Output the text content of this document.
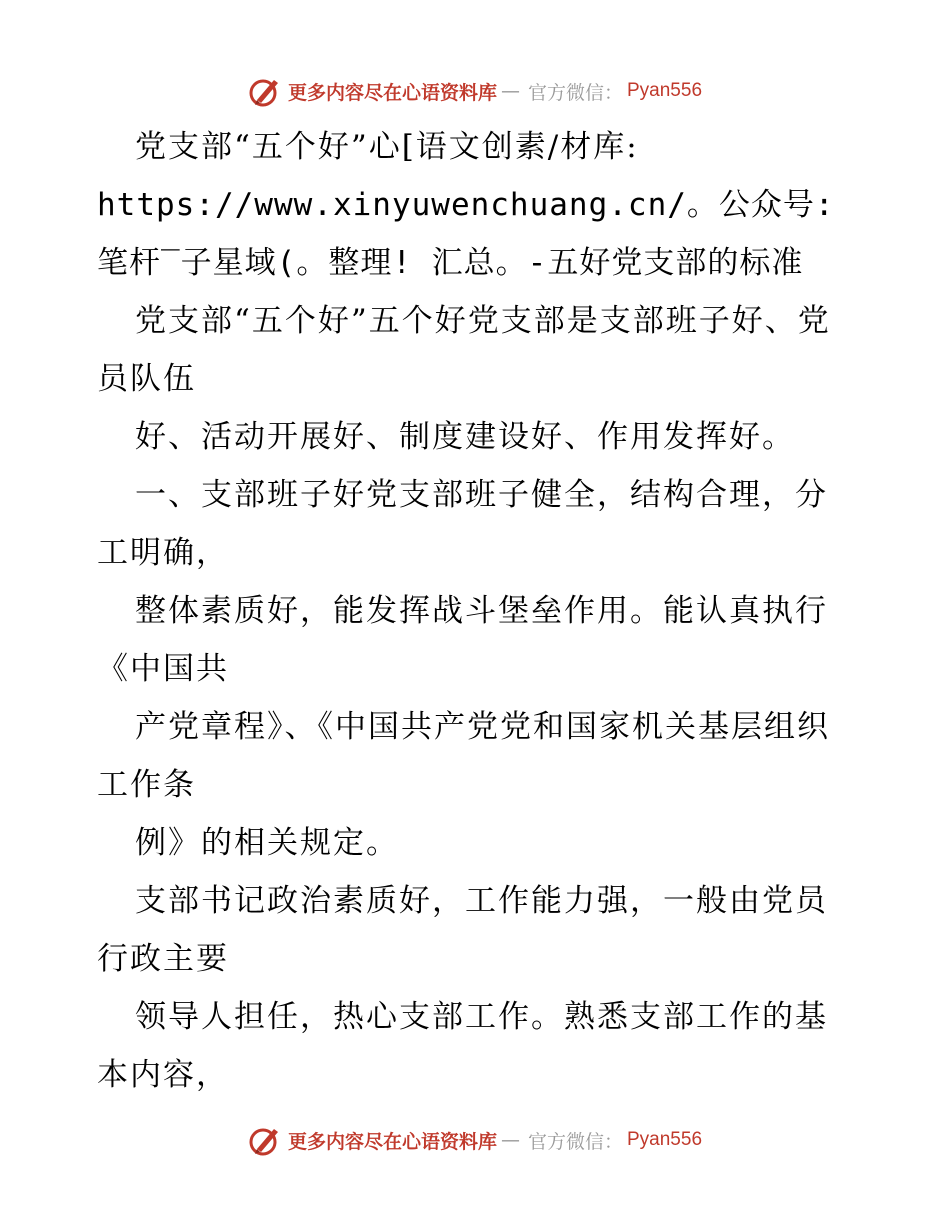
更多内容尽在心语资料库 — 官方微信： Pyan556

党支部“五个好”心[语文创素/材库:

https://www.xinyuwenchuang.cn/。公众号: 笔杆‾子星域(。整理! 汇总。-五好党支部的标准

党支部“五个好”五个好党支部是支部班子好、党员队伍

好、活动开展好、制度建设好、作用发挥好。

一、支部班子好党支部班子健全，结构合理，分工明确，

整体素质好，能发挥战斗堡垒作用。能认真执行《中国共

产党章程》、《中国共产党党和国家机关基层组织工作条

例》的相关规定。

支部书记政治素质好，工作能力强，一般由党员行政主要

领导人担任，热心支部工作。熟悉支部工作的基本内容，

更多内容尽在心语资料库 — 官方微信： Pyan556
